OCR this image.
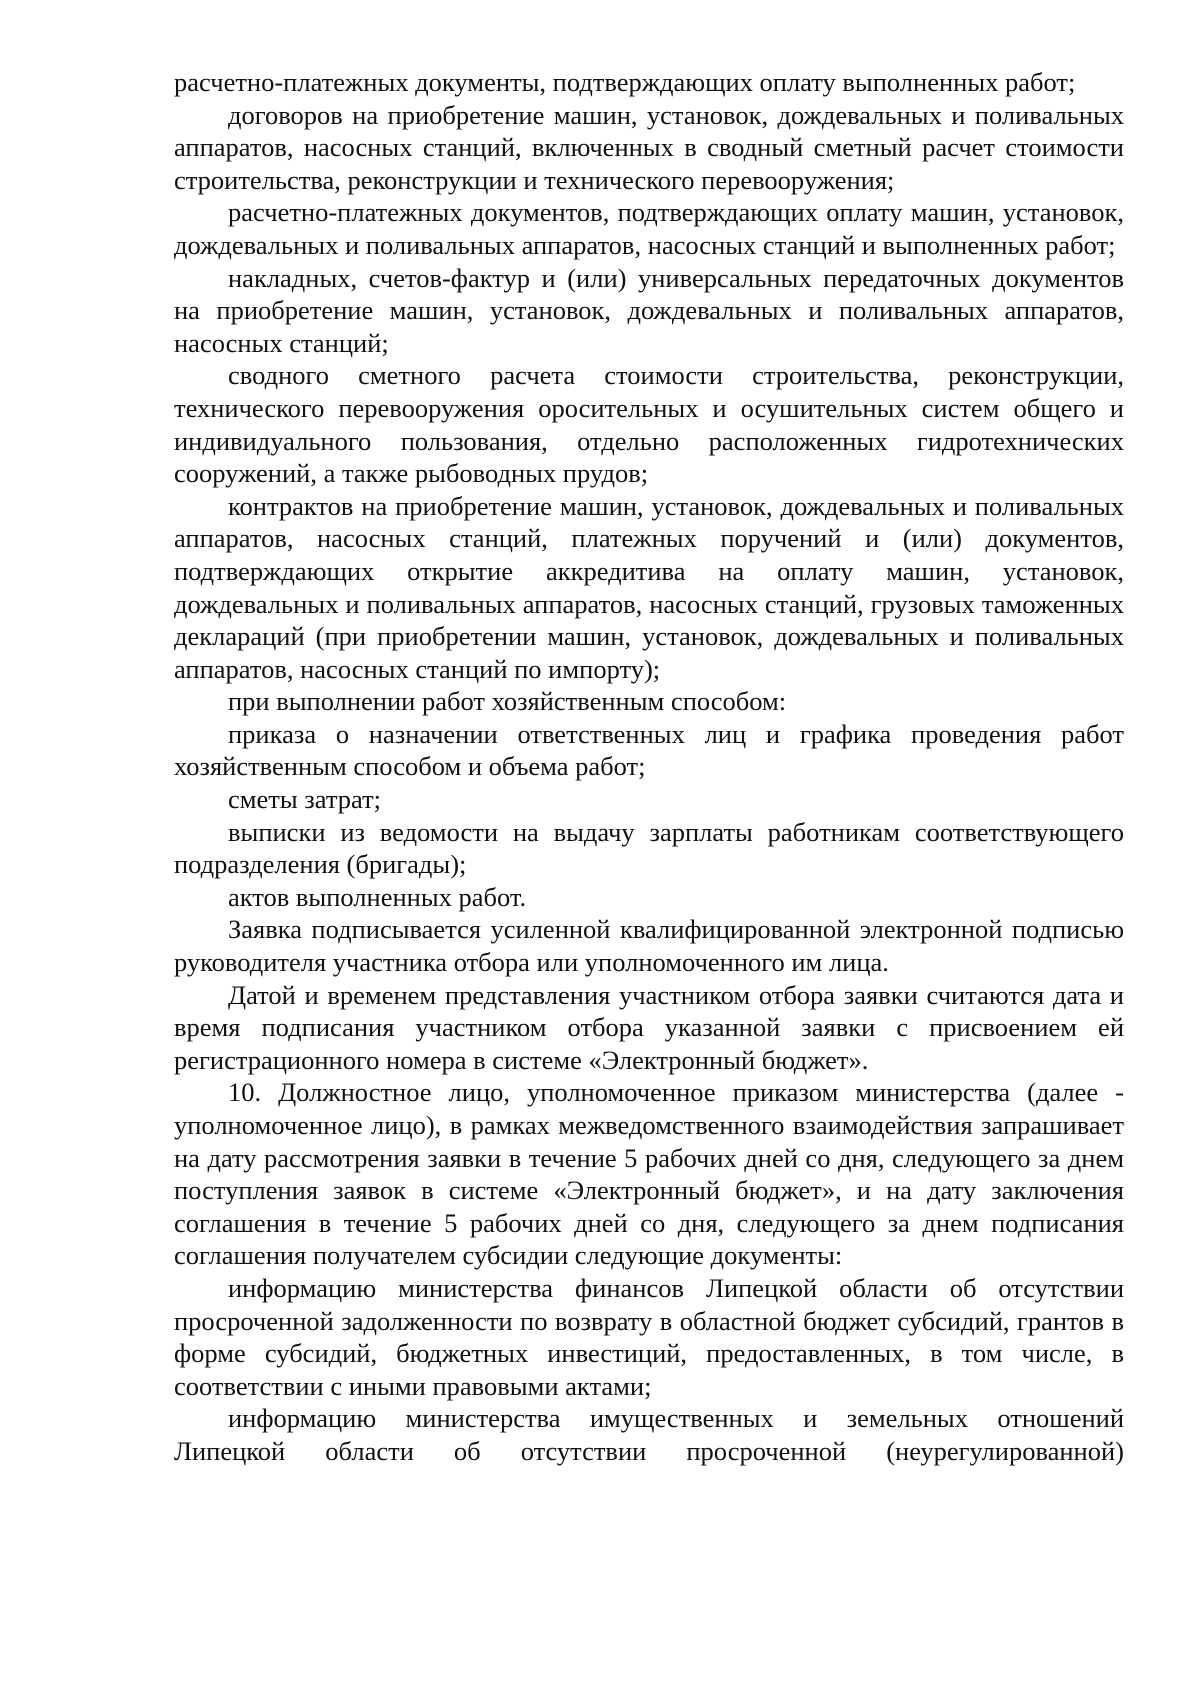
расчетно-платежных документы, подтверждающих оплату выполненных работ;

договоров на приобретение машин, установок, дождевальных и поливальных аппаратов, насосных станций, включенных в сводный сметный расчет стоимости строительства, реконструкции и технического перевооружения;

расчетно-платежных документов, подтверждающих оплату машин, установок, дождевальных и поливальных аппаратов, насосных станций и выполненных работ;

накладных, счетов-фактур и (или) универсальных передаточных документов на приобретение машин, установок, дождевальных и поливальных аппаратов, насосных станций;

сводного сметного расчета стоимости строительства, реконструкции, технического перевооружения оросительных и осушительных систем общего и индивидуального пользования, отдельно расположенных гидротехнических сооружений, а также рыбоводных прудов;

контрактов на приобретение машин, установок, дождевальных и поливальных аппаратов, насосных станций, платежных поручений и (или) документов, подтверждающих открытие аккредитива на оплату машин, установок, дождевальных и поливальных аппаратов, насосных станций, грузовых таможенных деклараций (при приобретении машин, установок, дождевальных и поливальных аппаратов, насосных станций по импорту);

при выполнении работ хозяйственным способом:

приказа о назначении ответственных лиц и графика проведения работ хозяйственным способом и объема работ;

сметы затрат;

выписки из ведомости на выдачу зарплаты работникам соответствующего подразделения (бригады);

актов выполненных работ.

Заявка подписывается усиленной квалифицированной электронной подписью руководителя участника отбора или уполномоченного им лица.

Датой и временем представления участником отбора заявки считаются дата и время подписания участником отбора указанной заявки с присвоением ей регистрационного номера в системе «Электронный бюджет».

10. Должностное лицо, уполномоченное приказом министерства (далее - уполномоченное лицо), в рамках межведомственного взаимодействия запрашивает на дату рассмотрения заявки в течение 5 рабочих дней со дня, следующего за днем поступления заявок в системе «Электронный бюджет», и на дату заключения соглашения в течение 5 рабочих дней со дня, следующего за днем подписания соглашения получателем субсидии следующие документы:

информацию министерства финансов Липецкой области об отсутствии просроченной задолженности по возврату в областной бюджет субсидий, грантов в форме субсидий, бюджетных инвестиций, предоставленных, в том числе, в соответствии с иными правовыми актами;

информацию министерства имущественных и земельных отношений Липецкой области об отсутствии просроченной (неурегулированной)
